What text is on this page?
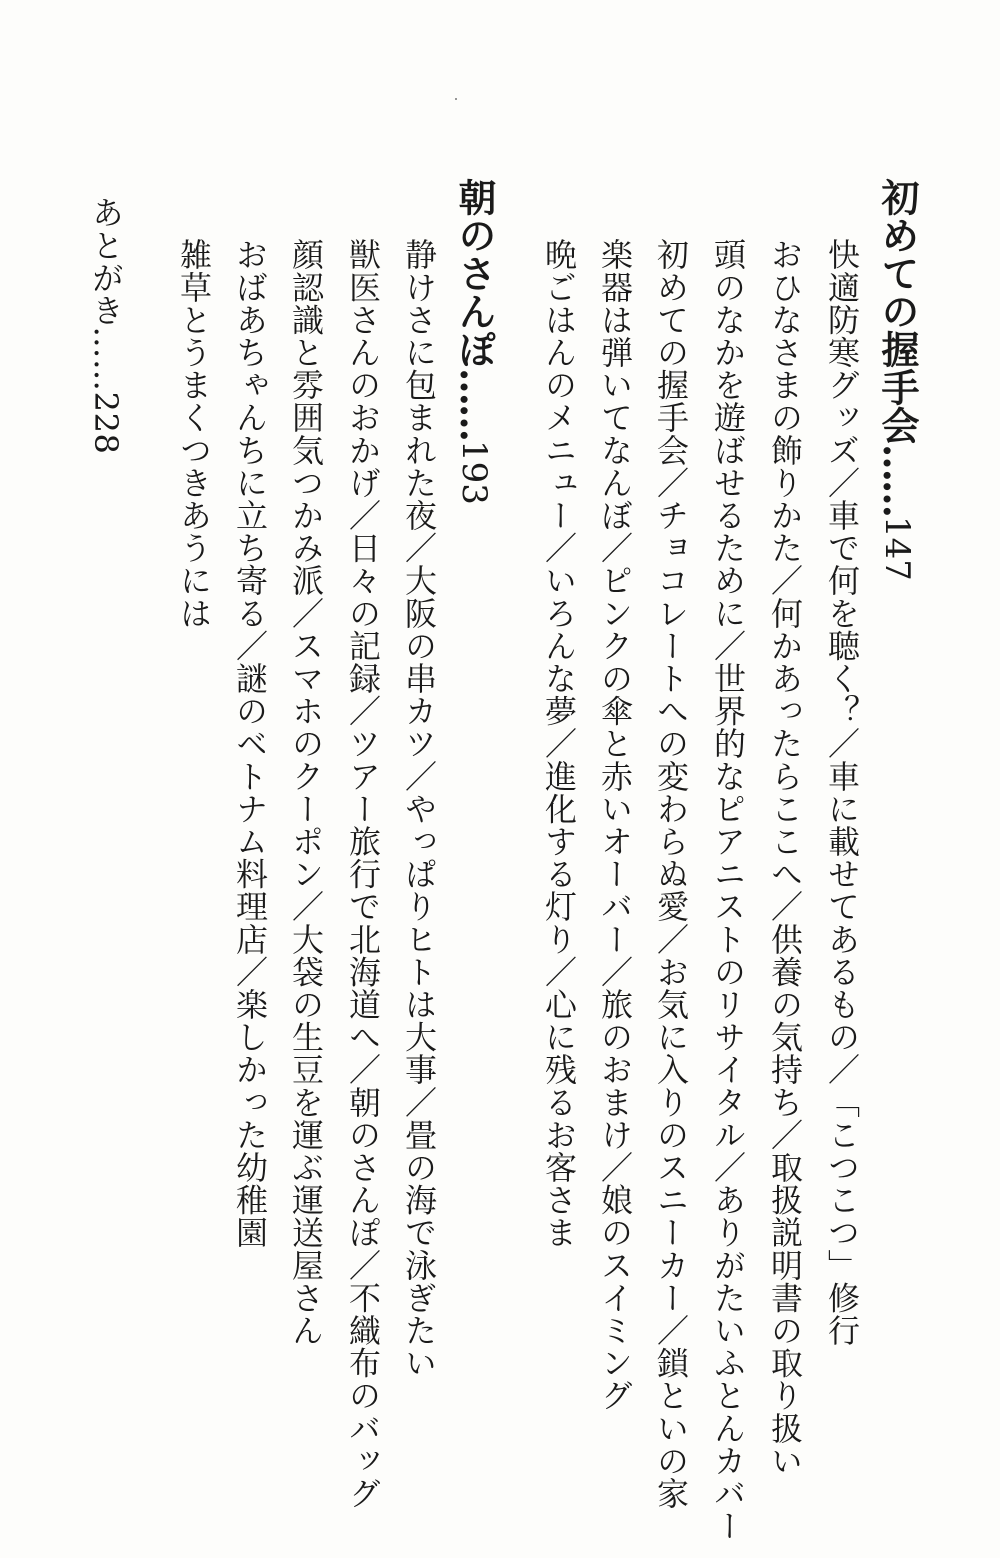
初めての握手会……147
快適防寒グッズ／車で何を聴く？／車に載せてあるもの／「こつこつ」修行
おひなさまの飾りかた／何かあったらここへ／供養の気持ち／取扱説明書の取り扱い
頭のなかを遊ばせるために／世界的なピアニストのリサイタル／ありがたいふとんカバー
初めての握手会／チョコレートへの変わらぬ愛／お気に入りのスニーカー／鎖といの家
楽器は弾いてなんぼ／ピンクの傘と赤いオーバー／旅のおまけ／娘のスイミング
晩ごはんのメニュー／いろんな夢／進化する灯り／心に残るお客さま
朝のさんぽ……193
静けさに包まれた夜／大阪の串カツ／やっぱりヒトは大事／畳の海で泳ぎたい
獣医さんのおかげ／日々の記録／ツアー旅行で北海道へ／朝のさんぽ／不織布のバッグ
顔認識と雰囲気つかみ派／スマホのクーポン／大袋の生豆を運ぶ運送屋さん
おばあちゃんちに立ち寄る／謎のベトナム料理店／楽しかった幼稚園
雑草とうまくつきあうには
あとがき……228
